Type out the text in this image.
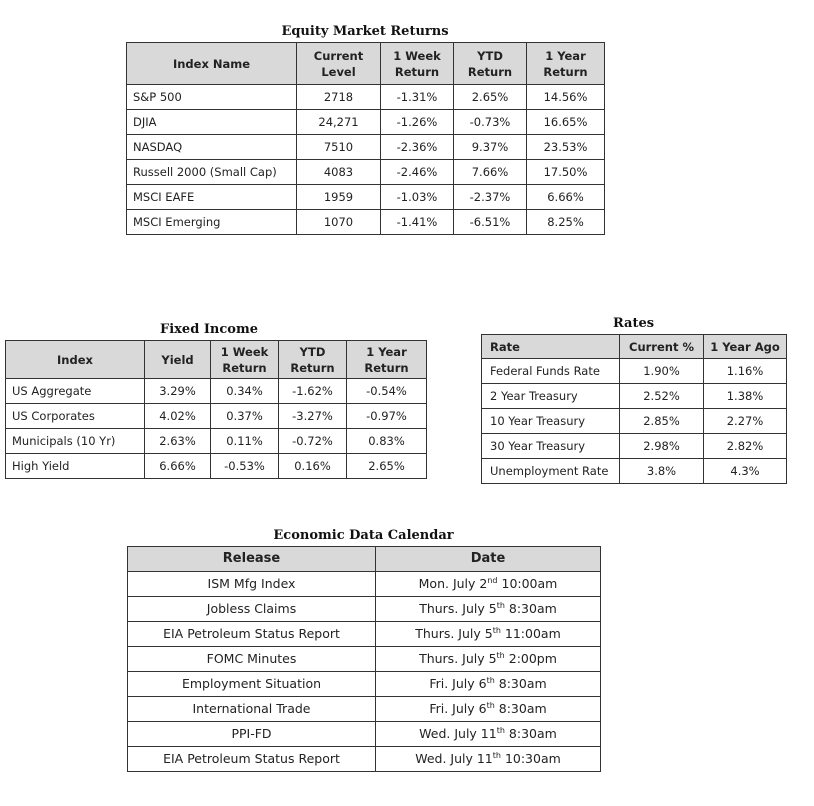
Equity Market Returns
Index Name	Current Level	1 Week Return	YTD Return	1 Year Return
S&P 500	2718	-1.31%	2.65%	14.56%
DJIA	24,271	-1.26%	-0.73%	16.65%
NASDAQ	7510	-2.36%	9.37%	23.53%
Russell 2000 (Small Cap)	4083	-2.46%	7.66%	17.50%
MSCI EAFE	1959	-1.03%	-2.37%	6.66%
MSCI Emerging	1070	-1.41%	-6.51%	8.25%
Fixed Income
Index	Yield	1 Week Return	YTD Return	1 Year Return
US Aggregate	3.29%	0.34%	-1.62%	-0.54%
US Corporates	4.02%	0.37%	-3.27%	-0.97%
Municipals (10 Yr)	2.63%	0.11%	-0.72%	0.83%
High Yield	6.66%	-0.53%	0.16%	2.65%
Rates
Rate	Current %	1 Year Ago
Federal Funds Rate	1.90%	1.16%
2 Year Treasury	2.52%	1.38%
10 Year Treasury	2.85%	2.27%
30 Year Treasury	2.98%	2.82%
Unemployment Rate	3.8%	4.3%
Economic Data Calendar
Release	Date
ISM Mfg Index	Mon. July 2nd 10:00am
Jobless Claims	Thurs. July 5th 8:30am
EIA Petroleum Status Report	Thurs. July 5th 11:00am
FOMC Minutes	Thurs. July 5th 2:00pm
Employment Situation	Fri. July 6th 8:30am
International Trade	Fri. July 6th 8:30am
PPI-FD	Wed. July 11th 8:30am
EIA Petroleum Status Report	Wed. July 11th 10:30am
